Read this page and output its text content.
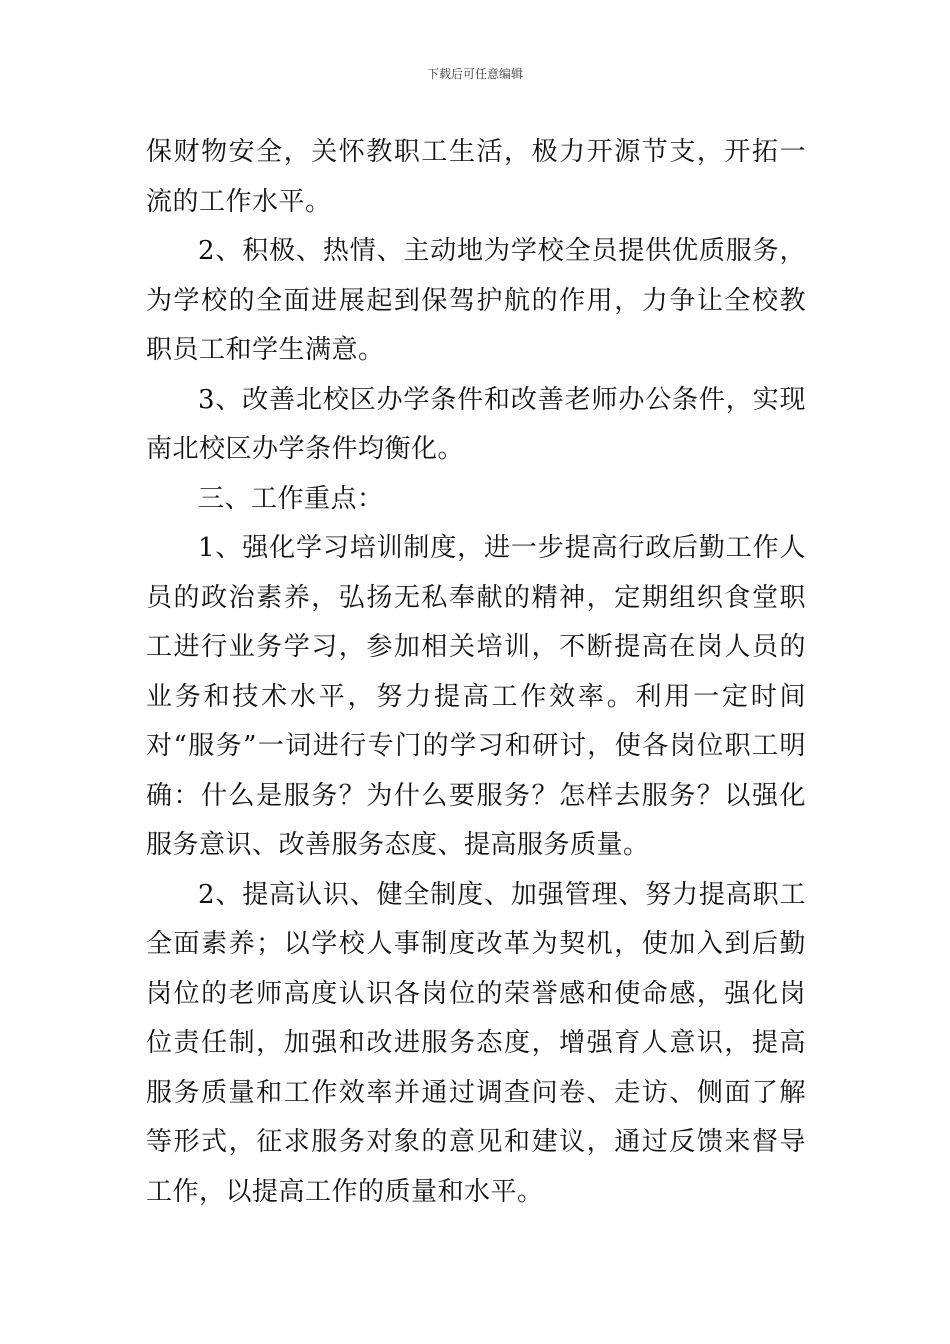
下载后可任意编辑

保财物安全，关怀教职工生活，极力开源节支，开拓一流的工作水平。

2、积极、热情、主动地为学校全员提供优质服务，为学校的全面进展起到保驾护航的作用，力争让全校教职员工和学生满意。

3、改善北校区办学条件和改善老师办公条件，实现南北校区办学条件均衡化。

三、工作重点：

1、强化学习培训制度，进一步提高行政后勤工作人员的政治素养，弘扬无私奉献的精神，定期组织食堂职工进行业务学习，参加相关培训，不断提高在岗人员的业务和技术水平，努力提高工作效率。利用一定时间对“服务”一词进行专门的学习和研讨，使各岗位职工明确：什么是服务？为什么要服务？怎样去服务？以强化服务意识、改善服务态度、提高服务质量。

2、提高认识、健全制度、加强管理、努力提高职工全面素养；以学校人事制度改革为契机，使加入到后勤岗位的老师高度认识各岗位的荣誉感和使命感，强化岗位责任制，加强和改进服务态度，增强育人意识，提高服务质量和工作效率并通过调查问卷、走访、侧面了解等形式，征求服务对象的意见和建议，通过反馈来督导工作，以提高工作的质量和水平。
